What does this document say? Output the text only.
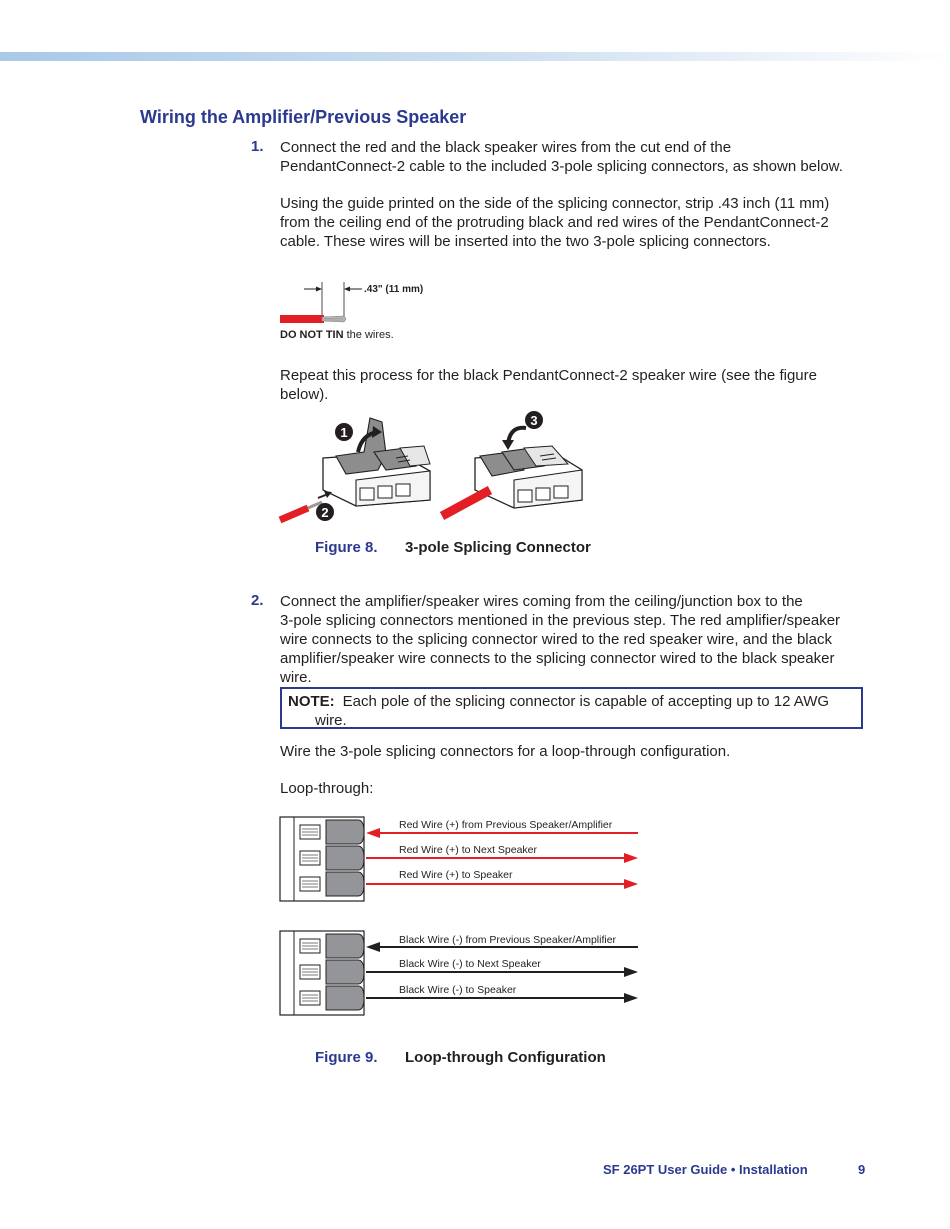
Wiring the Amplifier/Previous Speaker
1. Connect the red and the black speaker wires from the cut end of the
PendantConnect-2 cable to the included 3-pole splicing connectors, as shown below.

Using the guide printed on the side of the splicing connector, strip .43 inch (11 mm)
from the ceiling end of the protruding black and red wires of the PendantConnect-2
cable. These wires will be inserted into the two 3-pole splicing connectors.

.43" (11 mm)
DO NOT TIN the wires.

Repeat this process for the black PendantConnect-2 speaker wire (see the figure
below).

1
2
3
Figure 8. 3-pole Splicing Connector
2. Connect the amplifier/speaker wires coming from the ceiling/junction box to the
3-pole splicing connectors mentioned in the previous step. The red amplifier/speaker
wire connects to the splicing connector wired to the red speaker wire, and the black
amplifier/speaker wire connects to the splicing connector wired to the black speaker
wire.

NOTE: Each pole of the splicing connector is capable of accepting up to 12 AWG
wire.

Wire the 3-pole splicing connectors for a loop-through configuration.

Loop-through:
Red Wire (+) from Previous Speaker/Amplifier
Red Wire (+) to Next Speaker
Red Wire (+) to Speaker
Black Wire (-) from Previous Speaker/Amplifier
Black Wire (-) to Next Speaker
Black Wire (-) to Speaker
Figure 9. Loop-through Configuration
SF 26PT User Guide • Installation	9
